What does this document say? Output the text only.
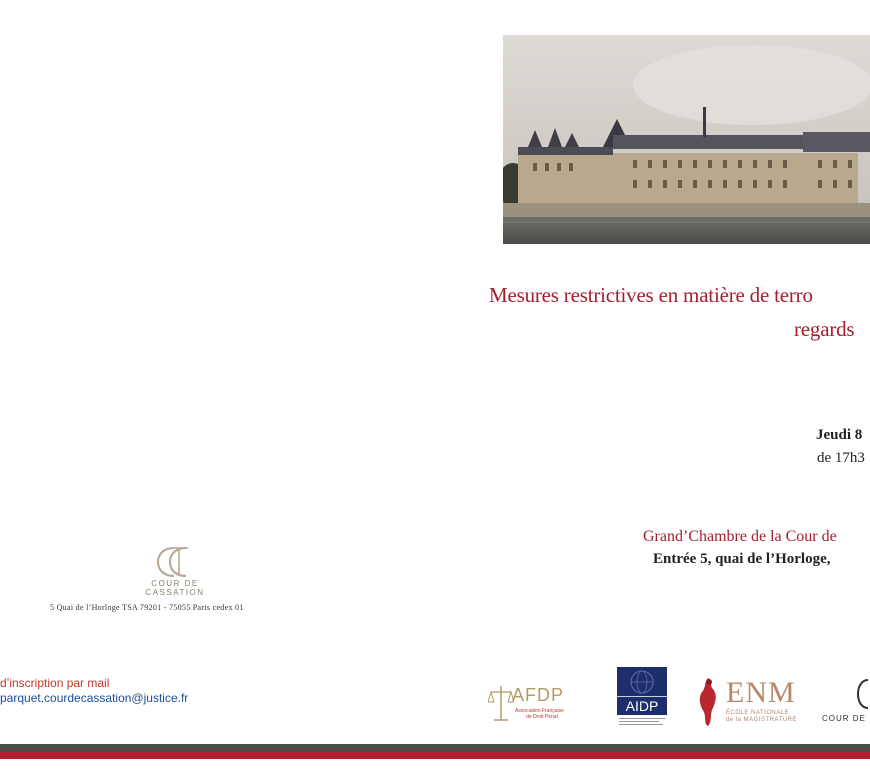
Mesures restrictives en matière de terro
regards
Jeudi 8
de 17h3
Grand’Chambre de la Cour de
Entrée 5, quai de l’Horloge,
COUR DE CASSATION
5 Quai de l’Horloge TSA 79201 - 75055 Paris cedex 01
d’inscription par mail
parquet.courdecassation@justice.fr	AFDP
Association Française
de Droit Pénal
AIDP ENM
ÉCOLE NATIONALE
de la MAGISTRATURE	COUR DE
